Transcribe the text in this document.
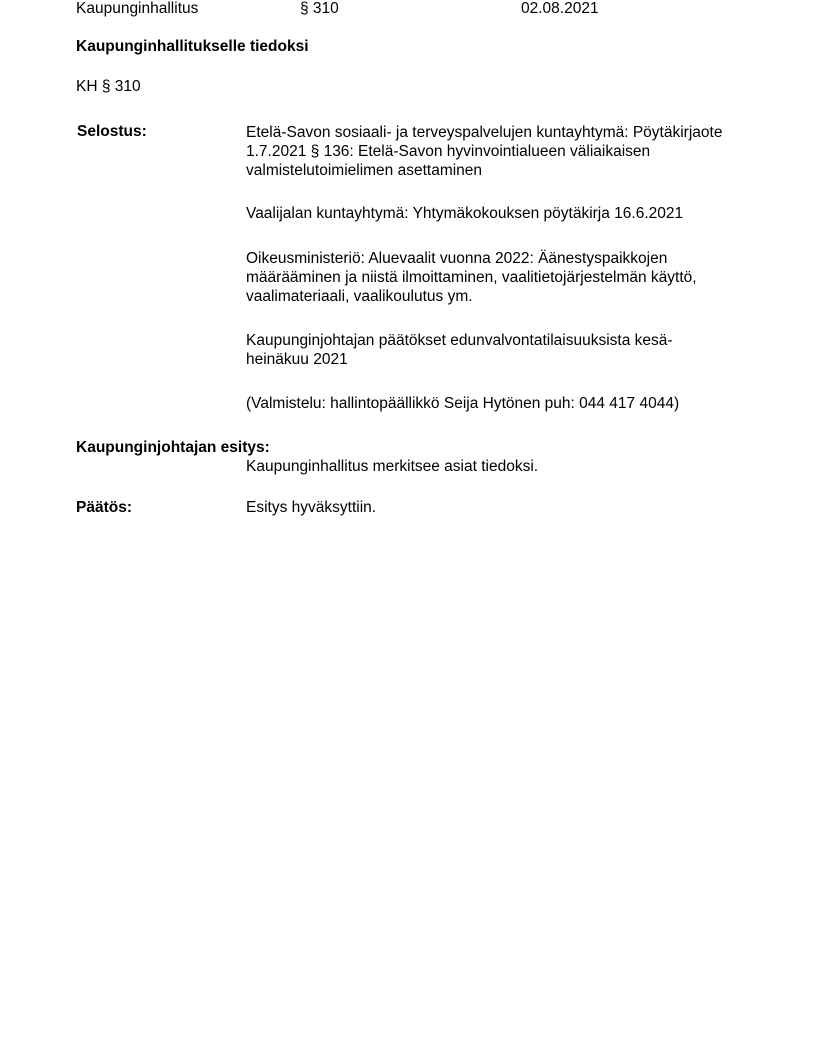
Kaupunginhallitus	§ 310	02.08.2021
Kaupunginhallitukselle tiedoksi
KH § 310
Selostus:	Etelä-Savon sosiaali- ja terveyspalvelujen kuntayhtymä: Pöytäkirjaote
1.7.2021 § 136: Etelä-Savon hyvinvointialueen väliaikaisen
valmistelutoimielimen asettaminen
Vaalijalan kuntayhtymä: Yhtymäkokouksen pöytäkirja 16.6.2021
Oikeusministeriö: Aluevaalit vuonna 2022: Äänestyspaikkojen
määrääminen ja niistä ilmoittaminen, vaalitietojärjestelmän käyttö,
vaalimateriaali, vaalikoulutus ym.
Kaupunginjohtajan päätökset edunvalvontatilaisuuksista kesä-
heinäkuu 2021
(Valmistelu: hallintopäällikkö Seija Hytönen puh: 044 417 4044)
Kaupunginjohtajan esitys:
Kaupunginhallitus merkitsee asiat tiedoksi.
Päätös:	Esitys hyväksyttiin.
